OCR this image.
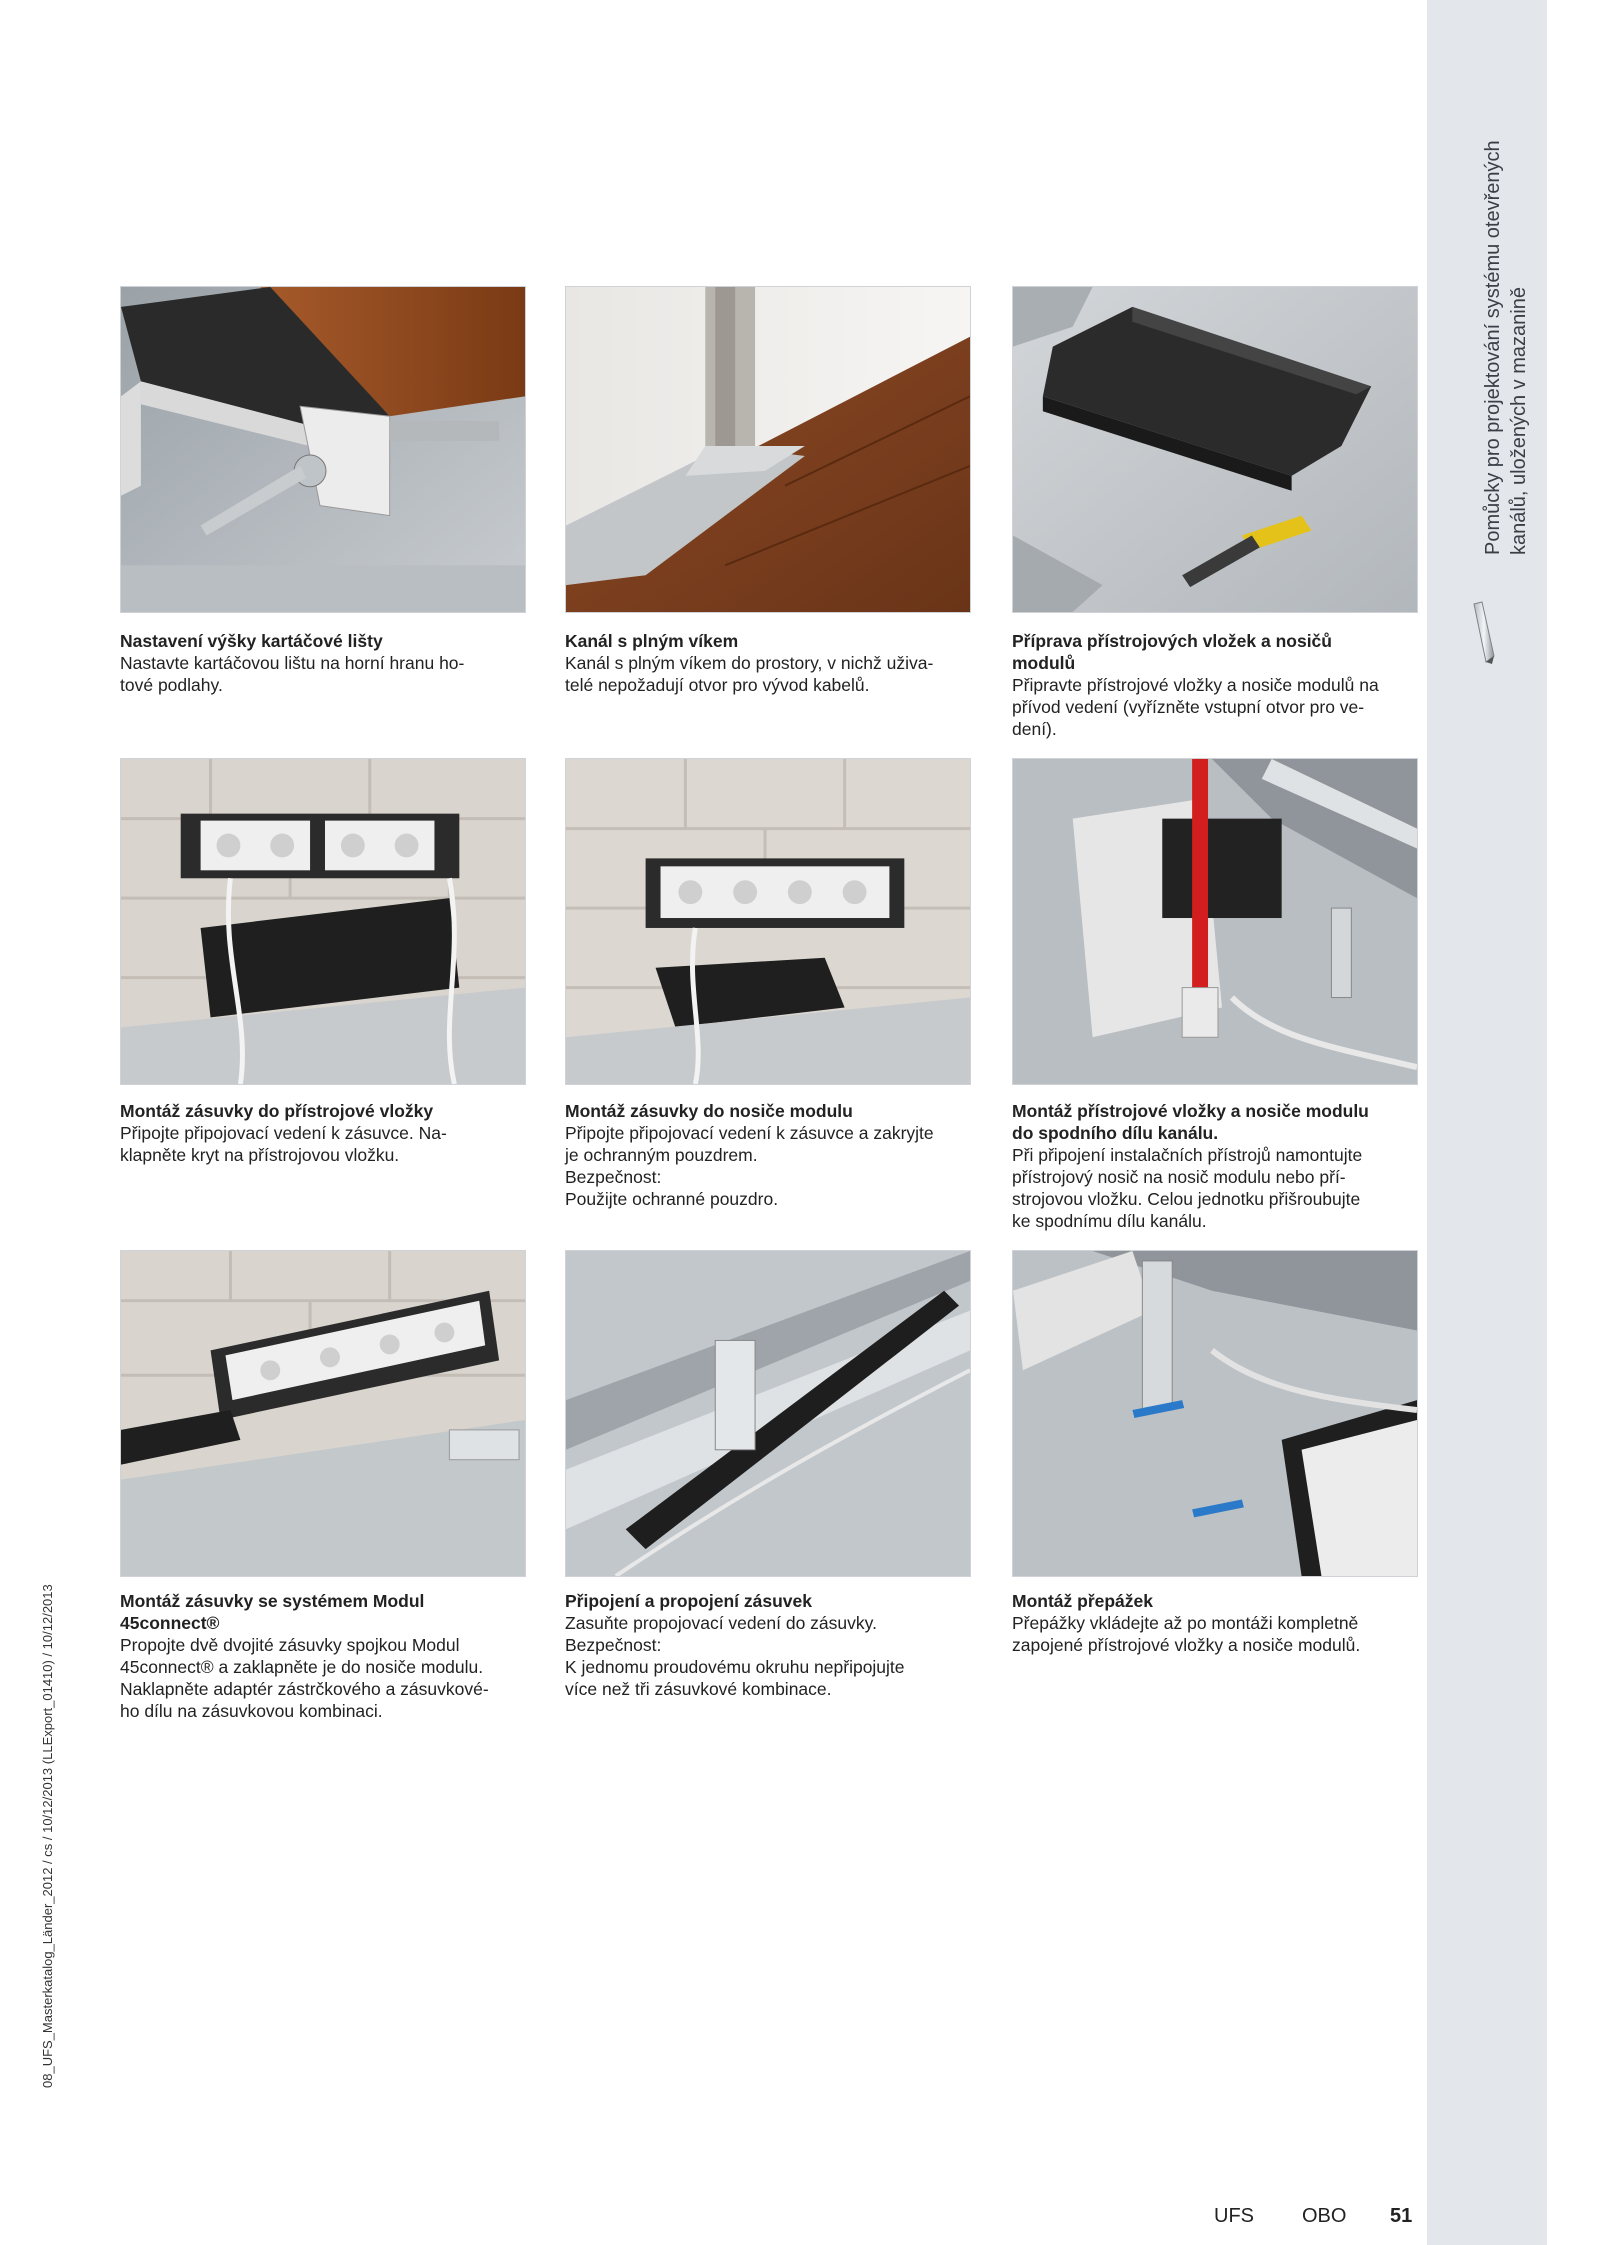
Pomůcky pro projektování systému otevřených kanálů, uložených v mazanině
08_UFS_Masterkatalog_Länder_2012 / cs / 10/12/2013 (LLExport_01410) / 10/12/2013
Nastavení výšky kartáčové lišty
Nastavte kartáčovou lištu na horní hranu ho-
tové podlahy.
Kanál s plným víkem
Kanál s plným víkem do prostory, v nichž uživa-
telé nepožadují otvor pro vývod kabelů.
Příprava přístrojových vložek a nosičů
modulů
Připravte přístrojové vložky a nosiče modulů na
přívod vedení (vyřízněte vstupní otvor pro ve-
dení).
Montáž zásuvky do přístrojové vložky
Připojte připojovací vedení k zásuvce. Na-
klapněte kryt na přístrojovou vložku.
Montáž zásuvky do nosiče modulu
Připojte připojovací vedení k zásuvce a zakryjte
je ochranným pouzdrem.
Bezpečnost:
Použijte ochranné pouzdro.
Montáž přístrojové vložky a nosiče modulu
do spodního dílu kanálu.
Při připojení instalačních přístrojů namontujte
přístrojový nosič na nosič modulu nebo pří-
strojovou vložku. Celou jednotku přišroubujte
ke spodnímu dílu kanálu.
Montáž zásuvky se systémem Modul
45connect®
Propojte dvě dvojité zásuvky spojkou Modul
45connect® a zaklapněte je do nosiče modulu.
Naklapněte adaptér zástrčkového a zásuvkové-
ho dílu na zásuvkovou kombinaci.
Připojení a propojení zásuvek
Zasuňte propojovací vedení do zásuvky.
Bezpečnost:
K jednomu proudovému okruhu nepřipojujte
více než tři zásuvkové kombinace.
Montáž přepážek
Přepážky vkládejte až po montáži kompletně
zapojené přístrojové vložky a nosiče modulů.
UFS OBO 51
